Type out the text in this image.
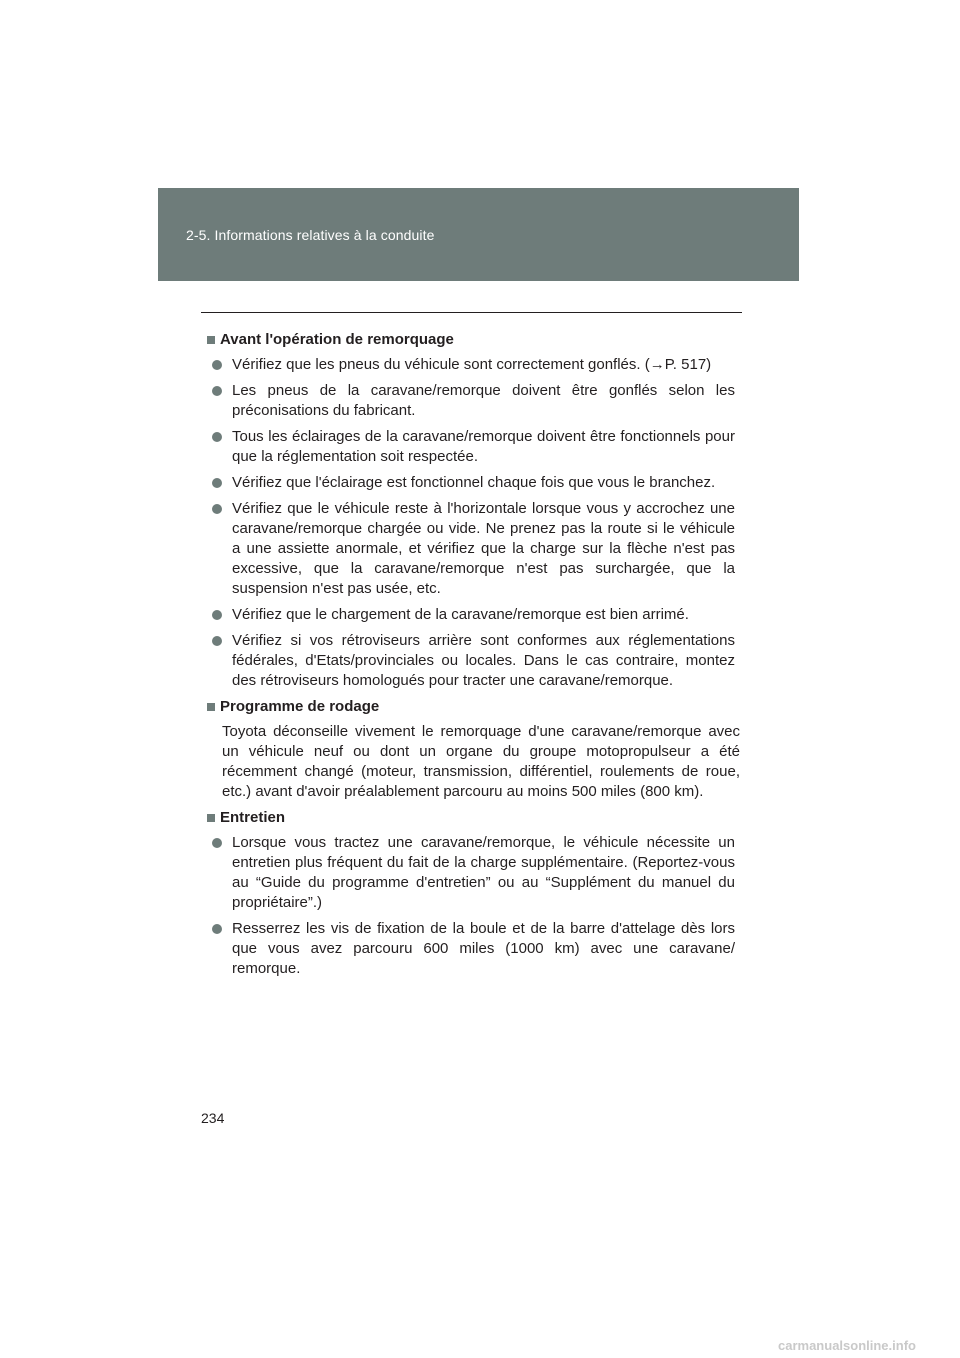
2-5. Informations relatives à la conduite
Avant l'opération de remorquage
Vérifiez que les pneus du véhicule sont correctement gonflés. (→P. 517)
Les pneus de la caravane/remorque doivent être gonflés selon les préconisations du fabricant.
Tous les éclairages de la caravane/remorque doivent être fonctionnels pour que la réglementation soit respectée.
Vérifiez que l'éclairage est fonctionnel chaque fois que vous le branchez.
Vérifiez que le véhicule reste à l'horizontale lorsque vous y accrochez une caravane/remorque chargée ou vide. Ne prenez pas la route si le véhicule a une assiette anormale, et vérifiez que la charge sur la flèche n'est pas excessive, que la caravane/remorque n'est pas surchargée, que la suspension n'est pas usée, etc.
Vérifiez que le chargement de la caravane/remorque est bien arrimé.
Vérifiez si vos rétroviseurs arrière sont conformes aux réglementations fédérales, d'Etats/provinciales ou locales. Dans le cas contraire, montez des rétroviseurs homologués pour tracter une caravane/remorque.
Programme de rodage

Toyota déconseille vivement le remorquage d'une caravane/remorque avec un véhicule neuf ou dont un organe du groupe motopropulseur a été récemment changé (moteur, transmission, différentiel, roulements de roue, etc.) avant d'avoir préalablement parcouru au moins 500 miles (800 km).

Entretien
Lorsque vous tractez une caravane/remorque, le véhicule nécessite un entretien plus fréquent du fait de la charge supplémentaire. (Reportez-vous au “Guide du programme d'entretien” ou au “Supplément du manuel du propriétaire”.)
Resserrez les vis de fixation de la boule et de la barre d'attelage dès lors que vous avez parcouru 600 miles (1000 km) avec une caravane/ remorque.
234
carmanualsonline.info
